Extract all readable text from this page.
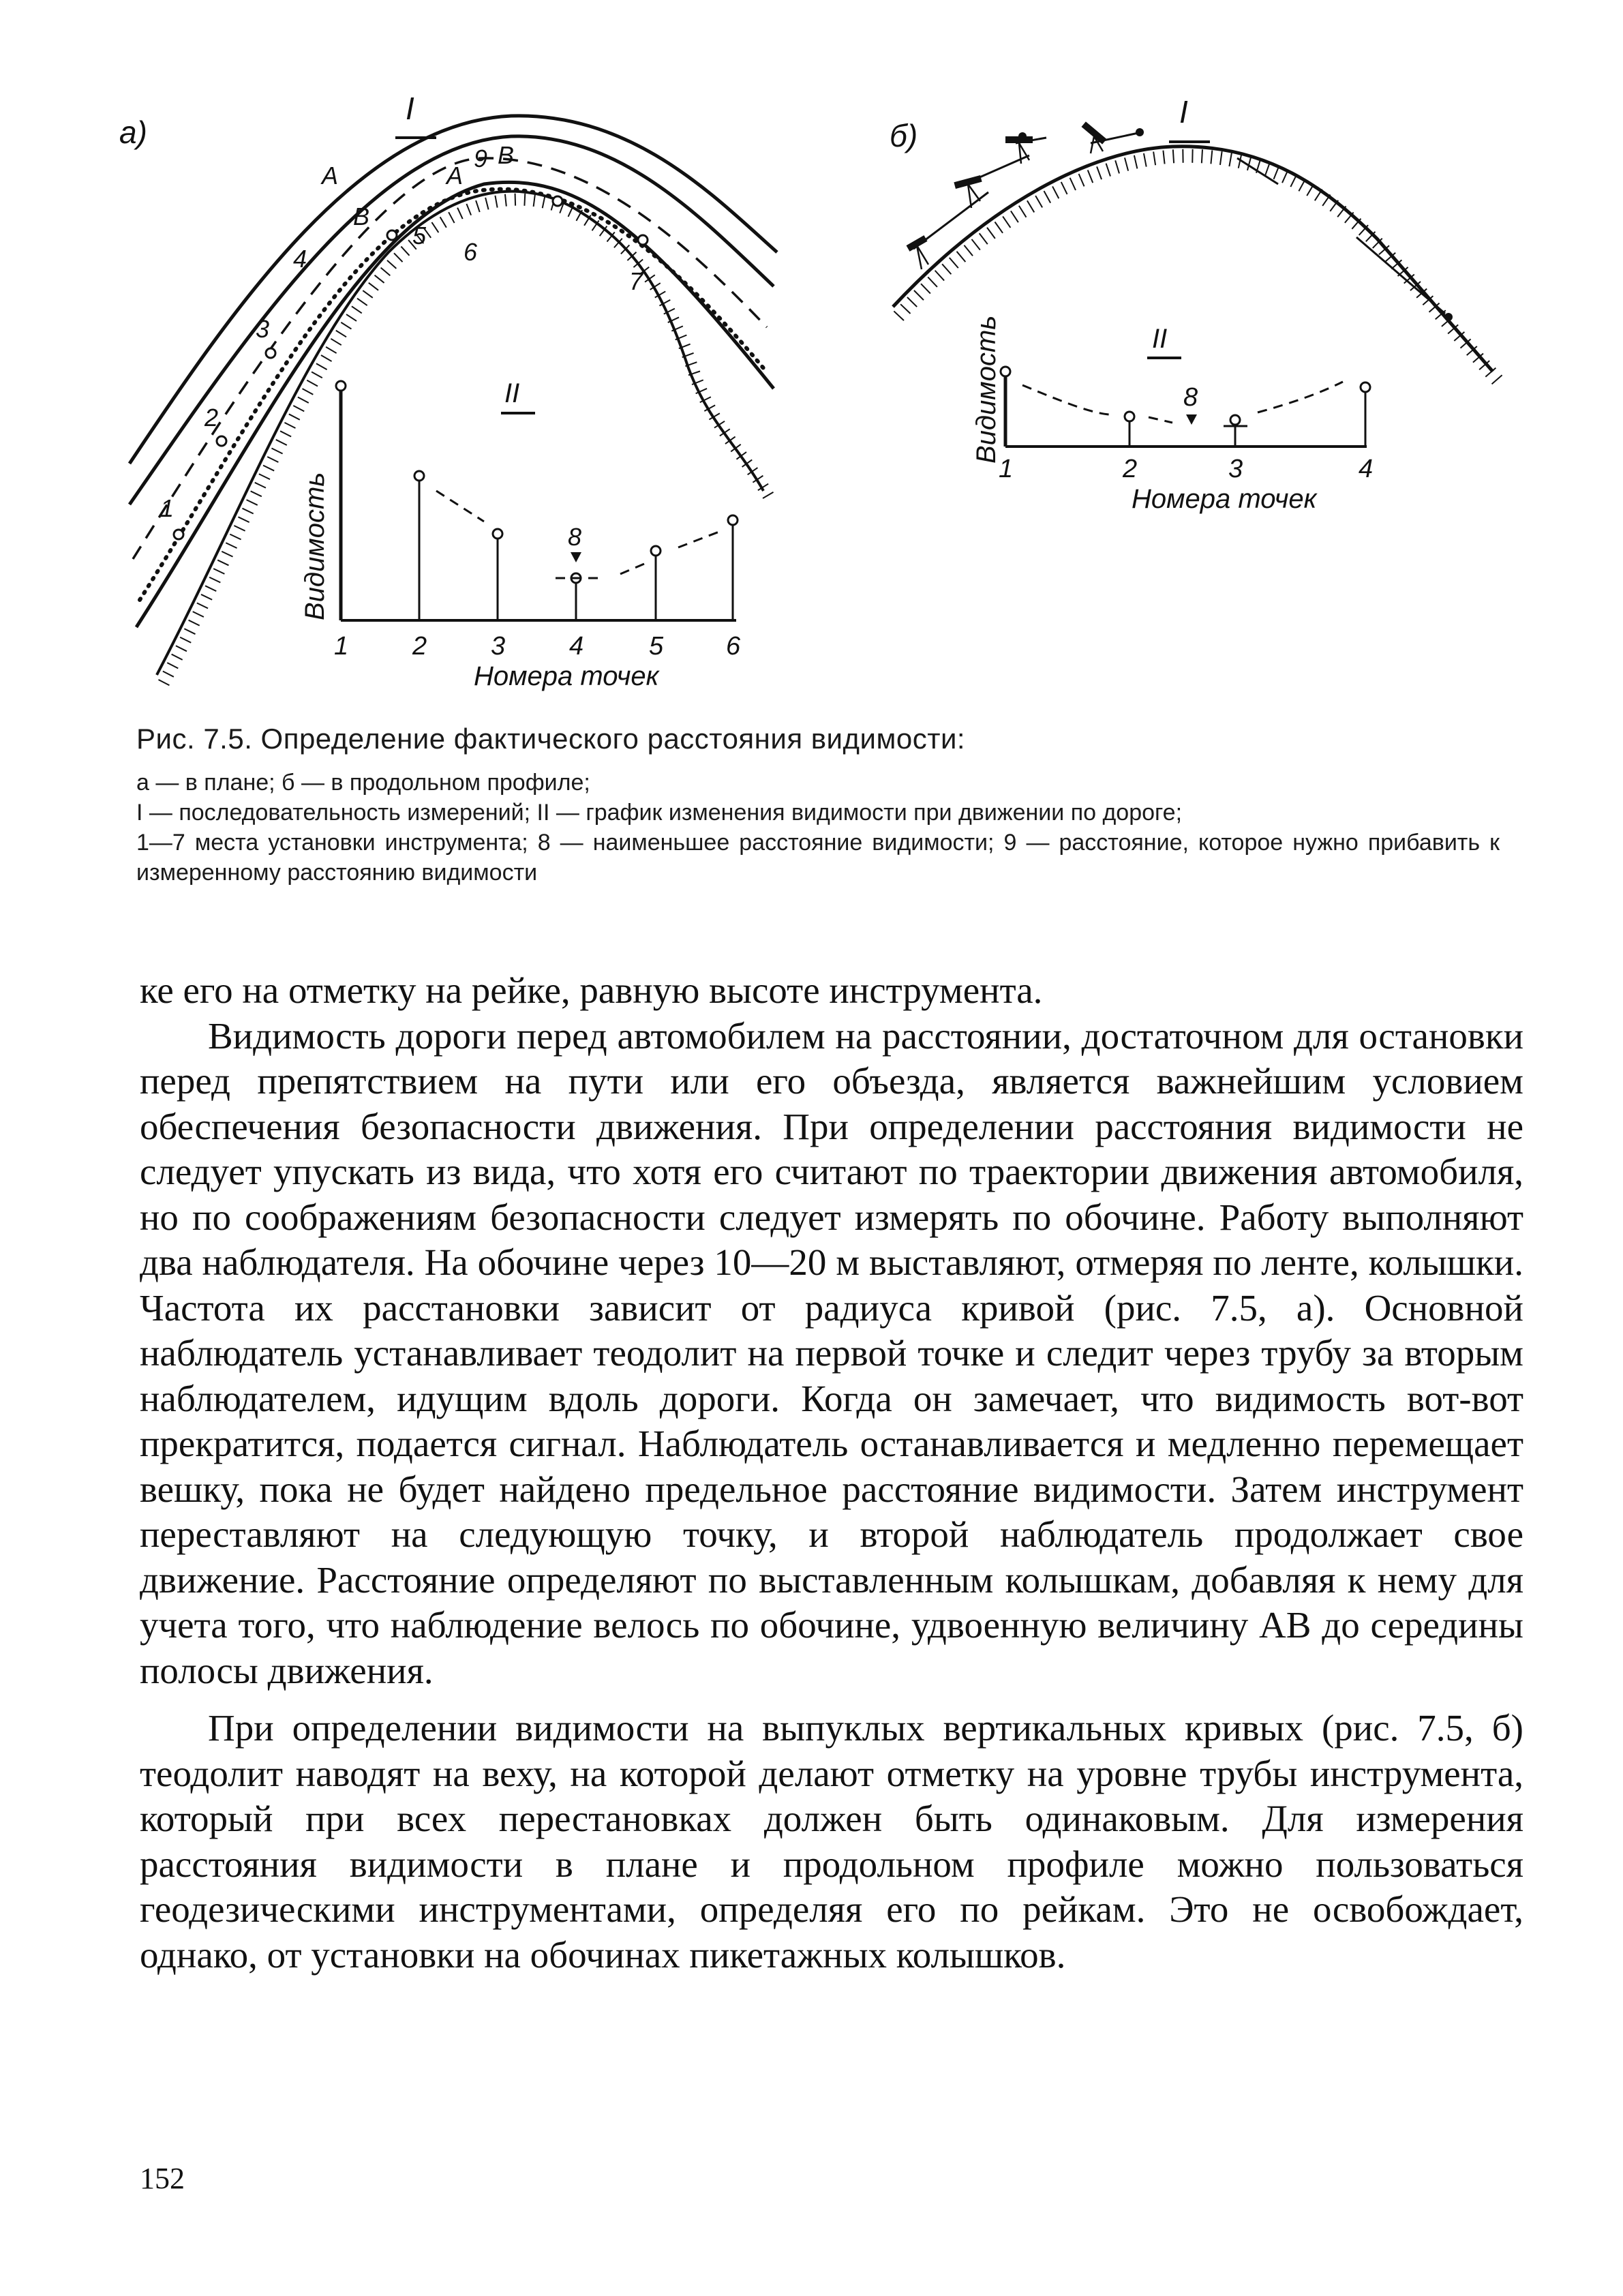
а)
I
1
2
3
4
5
6
7
A
B
A
9 B
II
8
Видимость
1 2 3 4	5 6
Номера точек
б)
I
II
8
Видимость
1	2	3	4
Номера точек
Рис. 7.5. Определение фактического расстояния видимости:
а — в плане; б — в продольном профиле;
I — последовательность измерений; II — график изменения видимости при движении по дороге;
1—7 места установки инструмента; 8 — наименьшее расстояние видимости; 9 — расстояние, которое нужно прибавить к измеренному расстоянию видимости

ке его на отметку на рейке, равную высоте инструмента.

Видимость дороги перед автомобилем на расстоянии, достаточном для остановки перед препятствием на пути или его объезда, является важнейшим условием обеспечения безопасности движения. При определении расстояния видимости не следует упускать из вида, что хотя его считают по траектории движения автомобиля, но по соображениям безопасности следует измерять по обочине. Работу выполняют два наблюдателя. На обочине через 10—20 м выставляют, отмеряя по ленте, колышки. Частота их расстановки зависит от радиуса кривой (рис. 7.5, а). Основной наблюдатель устанавливает теодолит на первой точке и следит через трубу за вторым наблюдателем, идущим вдоль дороги. Когда он замечает, что видимость вот-вот прекратится, подается сигнал. Наблюдатель останавливается и медленно перемещает вешку, пока не будет найдено предельное расстояние видимости. Затем инструмент переставляют на следующую точку, и второй наблюдатель продолжает свое движение. Расстояние определяют по выставленным колышкам, добавляя к нему для учета того, что наблюдение велось по обочине, удвоенную величину AB до середины полосы движения.

При определении видимости на выпуклых вертикальных кривых (рис. 7.5, б) теодолит наводят на веху, на которой делают отметку на уровне трубы инструмента, который при всех перестановках должен быть одинаковым. Для измерения расстояния видимости в плане и продольном профиле можно пользоваться геодезическими инструментами, определяя его по рейкам. Это не освобождает, однако, от установки на обочинах пикетажных колышков.

152
